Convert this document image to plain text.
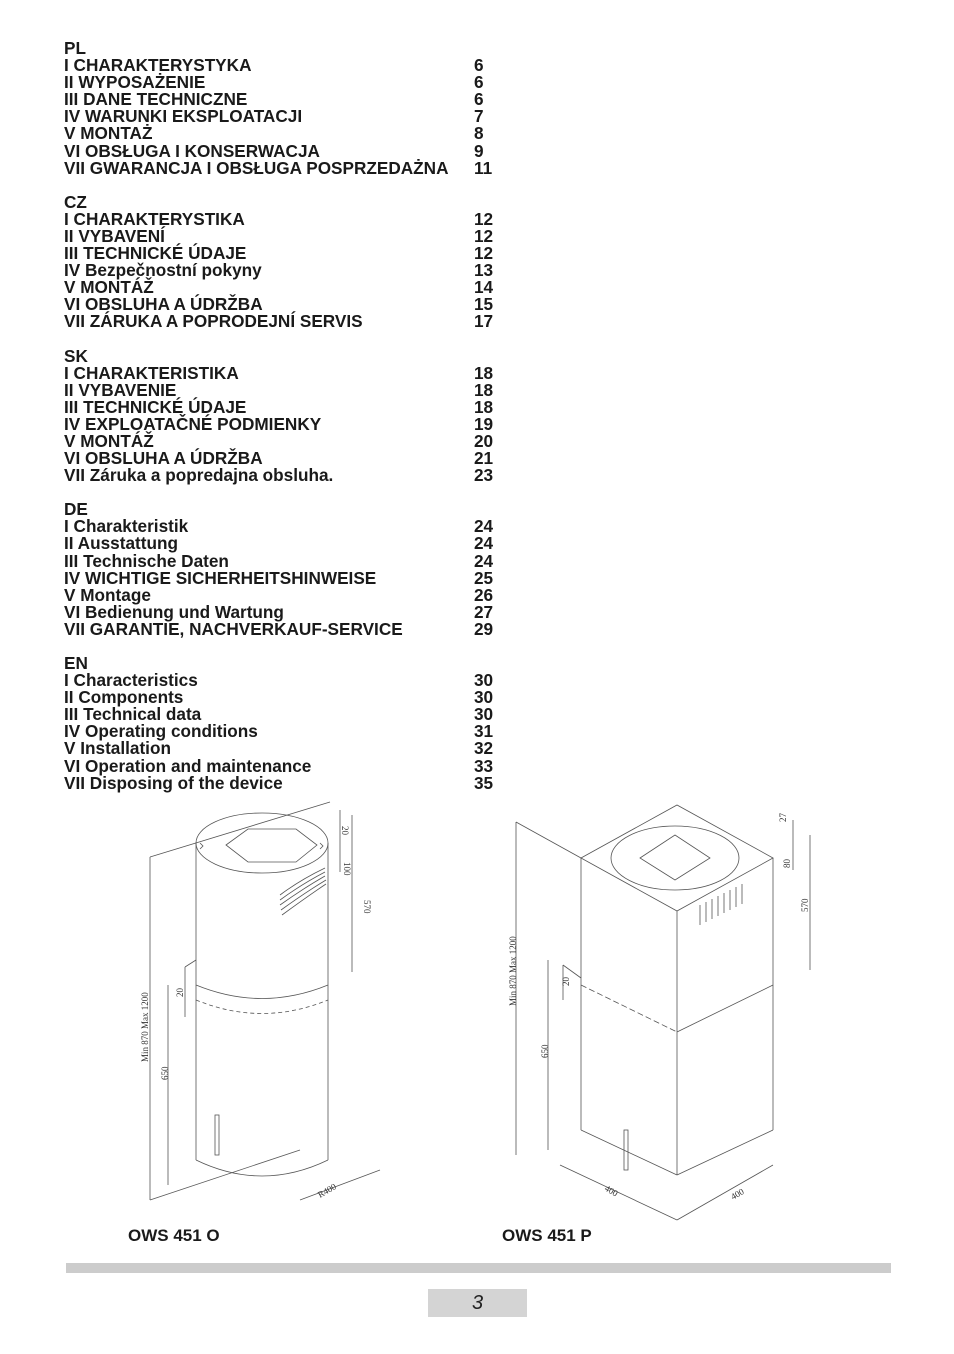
PL
I CHARAKTERYSTYKA	6
II WYPOSAŻENIE	6
III DANE TECHNICZNE	6
IV WARUNKI EKSPLOATACJI	7
V MONTAŻ	8
VI OBSŁUGA I KONSERWACJA	9
VII GWARANCJA I OBSŁUGA POSPRZEDAŻNA	11
CZ
I CHARAKTERYSTIKA	12
II VYBAVENÍ	12
III TECHNICKÉ ÚDAJE	12
IV Bezpečnostní pokyny	13
V MONTÁŽ	14
VI OBSLUHA A ÚDRŽBA	15
VII ZÁRUKA A POPRODEJNÍ SERVIS	17
SK
I CHARAKTERISTIKA	18
II VYBAVENIE	18
III TECHNICKÉ ÚDAJE	18
IV EXPLOATAČNÉ PODMIENKY	19
V MONTÁŽ	20
VI OBSLUHA A ÚDRŽBA	21
VII Záruka a popredajna obsluha.	23
DE
I Charakteristik	24
II Ausstattung	24
III Technische Daten	24
IV WICHTIGE SICHERHEITSHINWEISE	25
V Montage	26
VI Bedienung und Wartung	27
VII GARANTIE, NACHVERKAUF-SERVICE	29
EN
I Characteristics	30
II Components	30
III Technical data	30
IV Operating conditions	31
V Installation	32
VI Operation and maintenance	33
VII Disposing of the device	35
20
100
570
20
Min 870 Max 1200
650
R400
27
80
570
Min 870 Max 1200	20
650
400	400
OWS 451 O	OWS 451 P
3
